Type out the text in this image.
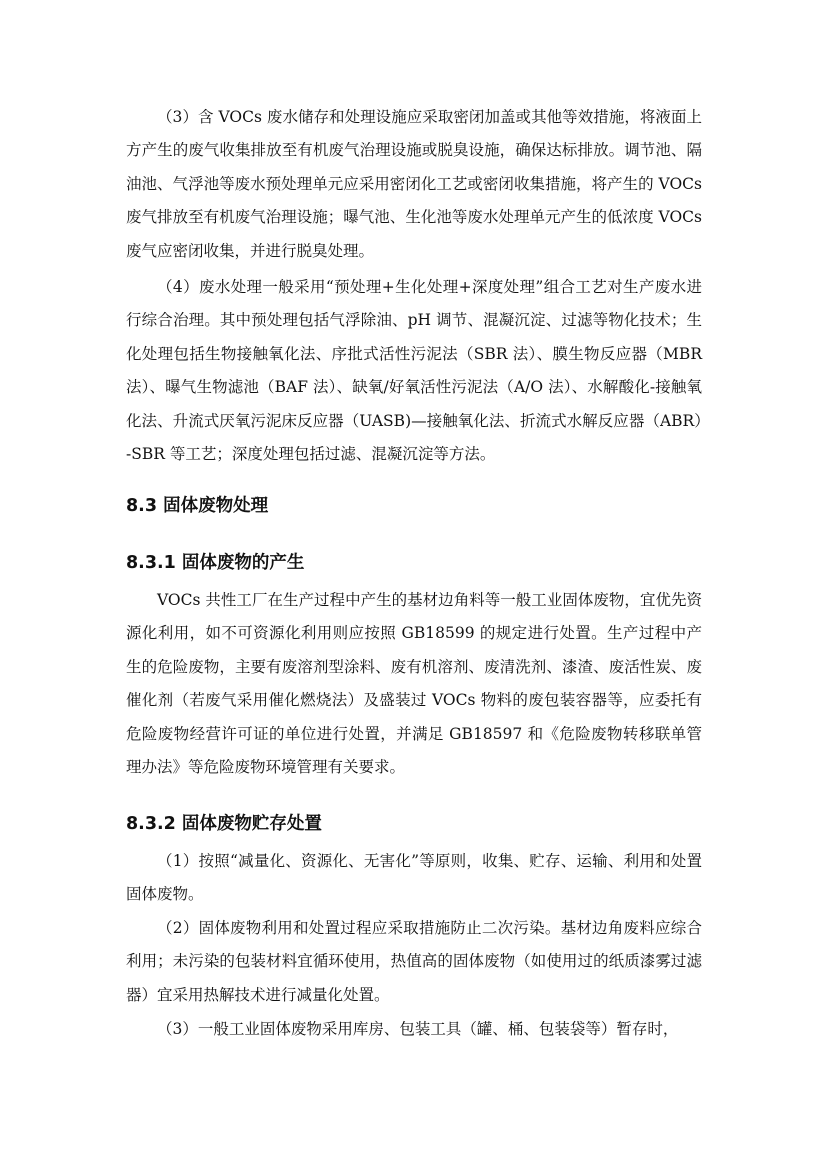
（3）含 VOCs 废水储存和处理设施应采取密闭加盖或其他等效措施，将液面上方产生的废气收集排放至有机废气治理设施或脱臭设施，确保达标排放。调节池、隔油池、气浮池等废水预处理单元应采用密闭化工艺或密闭收集措施，将产生的 VOCs 废气排放至有机废气治理设施；曝气池、生化池等废水处理单元产生的低浓度 VOCs 废气应密闭收集，并进行脱臭处理。

（4）废水处理一般采用“预处理+生化处理+深度处理”组合工艺对生产废水进行综合治理。其中预处理包括气浮除油、pH 调节、混凝沉淀、过滤等物化技术；生化处理包括生物接触氧化法、序批式活性污泥法（SBR 法）、膜生物反应器（MBR 法）、曝气生物滤池（BAF 法）、缺氧/好氧活性污泥法（A/O 法）、水解酸化-接触氧化法、升流式厌氧污泥床反应器（UASB)—接触氧化法、折流式水解反应器（ABR）-SBR 等工艺；深度处理包括过滤、混凝沉淀等方法。

8.3 固体废物处理
8.3.1 固体废物的产生

VOCs 共性工厂在生产过程中产生的基材边角料等一般工业固体废物，宜优先资源化利用，如不可资源化利用则应按照 GB18599 的规定进行处置。生产过程中产生的危险废物，主要有废溶剂型涂料、废有机溶剂、废清洗剂、漆渣、废活性炭、废催化剂（若废气采用催化燃烧法）及盛装过 VOCs 物料的废包装容器等，应委托有危险废物经营许可证的单位进行处置，并满足 GB18597 和《危险废物转移联单管理办法》等危险废物环境管理有关要求。

8.3.2 固体废物贮存处置

（1）按照“减量化、资源化、无害化”等原则，收集、贮存、运输、利用和处置固体废物。

（2）固体废物利用和处置过程应采取措施防止二次污染。基材边角废料应综合利用；未污染的包装材料宜循环使用，热值高的固体废物（如使用过的纸质漆雾过滤器）宜采用热解技术进行减量化处置。

（3）一般工业固体废物采用库房、包装工具（罐、桶、包装袋等）暂存时，
